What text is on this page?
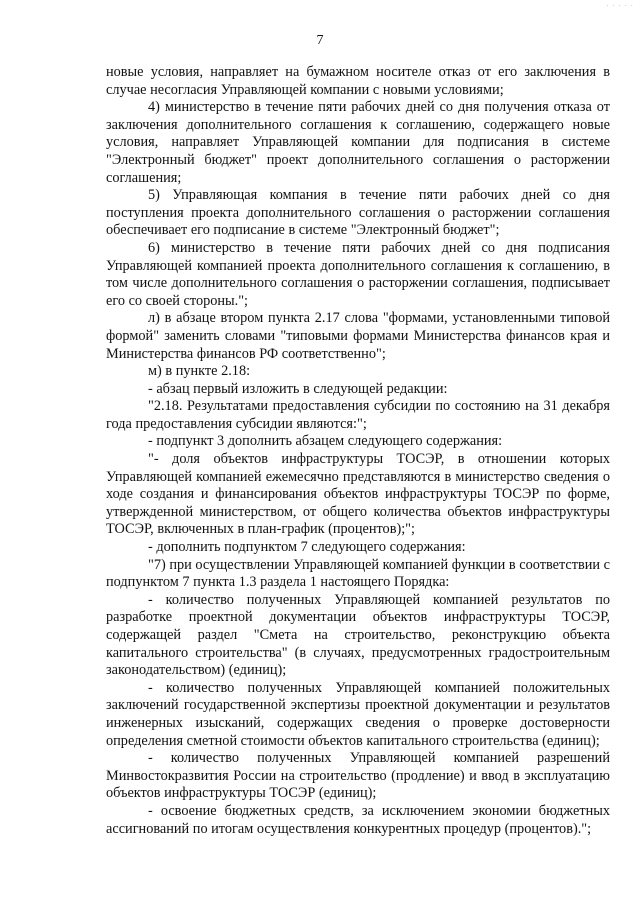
· · · · ·
7

новые условия, направляет на бумажном носителе отказ от его заключения в случае несогласия Управляющей компании с новыми условиями;

4) министерство в течение пяти рабочих дней со дня получения отказа от заключения дополнительного соглашения к соглашению, содержащего новые условия, направляет Управляющей компании для подписания в системе "Электронный бюджет" проект дополнительного соглашения о расторжении соглашения;

5) Управляющая компания в течение пяти рабочих дней со дня поступления проекта дополнительного соглашения о расторжении соглашения обеспечивает его подписание в системе "Электронный бюджет";

6) министерство в течение пяти рабочих дней со дня подписания Управляющей компанией проекта дополнительного соглашения к соглашению, в том числе дополнительного соглашения о расторжении соглашения, подписывает его со своей стороны.";

л) в абзаце втором пункта 2.17 слова "формами, установленными типовой формой" заменить словами "типовыми формами Министерства финансов края и Министерства финансов РФ соответственно";

м) в пункте 2.18:

- абзац первый изложить в следующей редакции:

"2.18. Результатами предоставления субсидии по состоянию на 31 декабря года предоставления субсидии являются:";

- подпункт 3 дополнить абзацем следующего содержания:

"- доля объектов инфраструктуры ТОСЭР, в отношении которых Управляющей компанией ежемесячно представляются в министерство сведения о ходе создания и финансирования объектов инфраструктуры ТОСЭР по форме, утвержденной министерством, от общего количества объектов инфраструктуры ТОСЭР, включенных в план-график (процентов);";

- дополнить подпунктом 7 следующего содержания:

"7) при осуществлении Управляющей компанией функции в соответствии с подпунктом 7 пункта 1.3 раздела 1 настоящего Порядка:

- количество полученных Управляющей компанией результатов по разработке проектной документации объектов инфраструктуры ТОСЭР, содержащей раздел "Смета на строительство, реконструкцию объекта капитального строительства" (в случаях, предусмотренных градостроительным законодательством) (единиц);

- количество полученных Управляющей компанией положительных заключений государственной экспертизы проектной документации и результатов инженерных изысканий, содержащих сведения о проверке достоверности определения сметной стоимости объектов капитального строительства (единиц);

- количество полученных Управляющей компанией разрешений Минвостокразвития России на строительство (продление) и ввод в эксплуатацию объектов инфраструктуры ТОСЭР (единиц);

- освоение бюджетных средств, за исключением экономии бюджетных ассигнований по итогам осуществления конкурентных процедур (процентов).";
